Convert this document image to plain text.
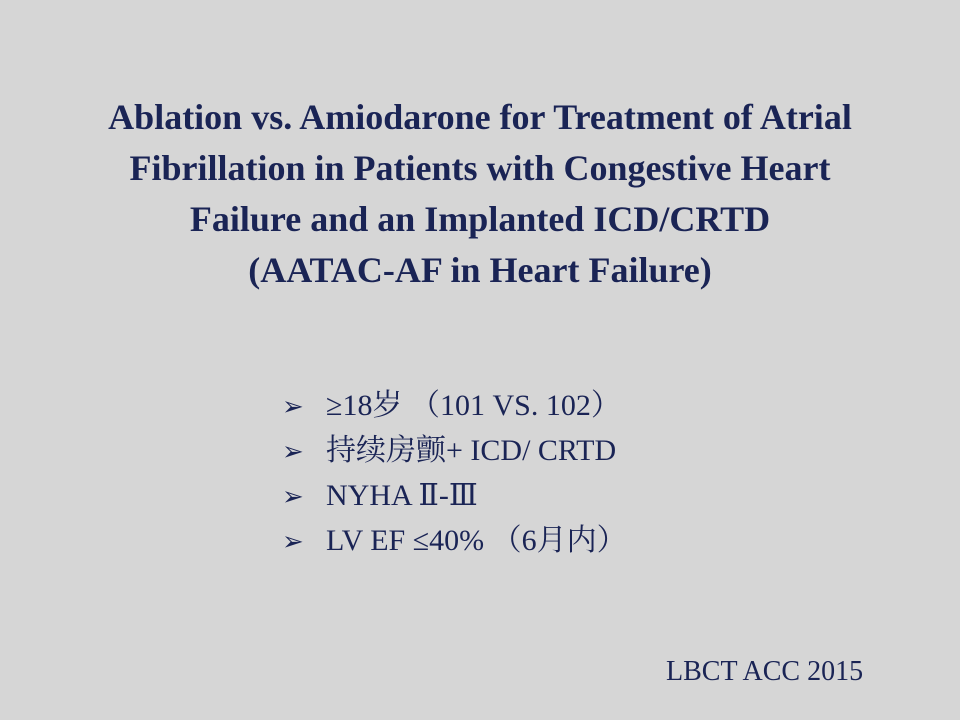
Ablation vs. Amiodarone for Treatment of Atrial
Fibrillation in Patients with Congestive Heart
Failure and an Implanted ICD/CRTD
(AATAC-AF in Heart Failure)
➢ ≥18岁 （101 VS. 102）
➢ 持续房颤+ ICD/ CRTD
➢ NYHA Ⅱ-Ⅲ
➢ LV EF ≤40% （6月内）
LBCT ACC 2015
